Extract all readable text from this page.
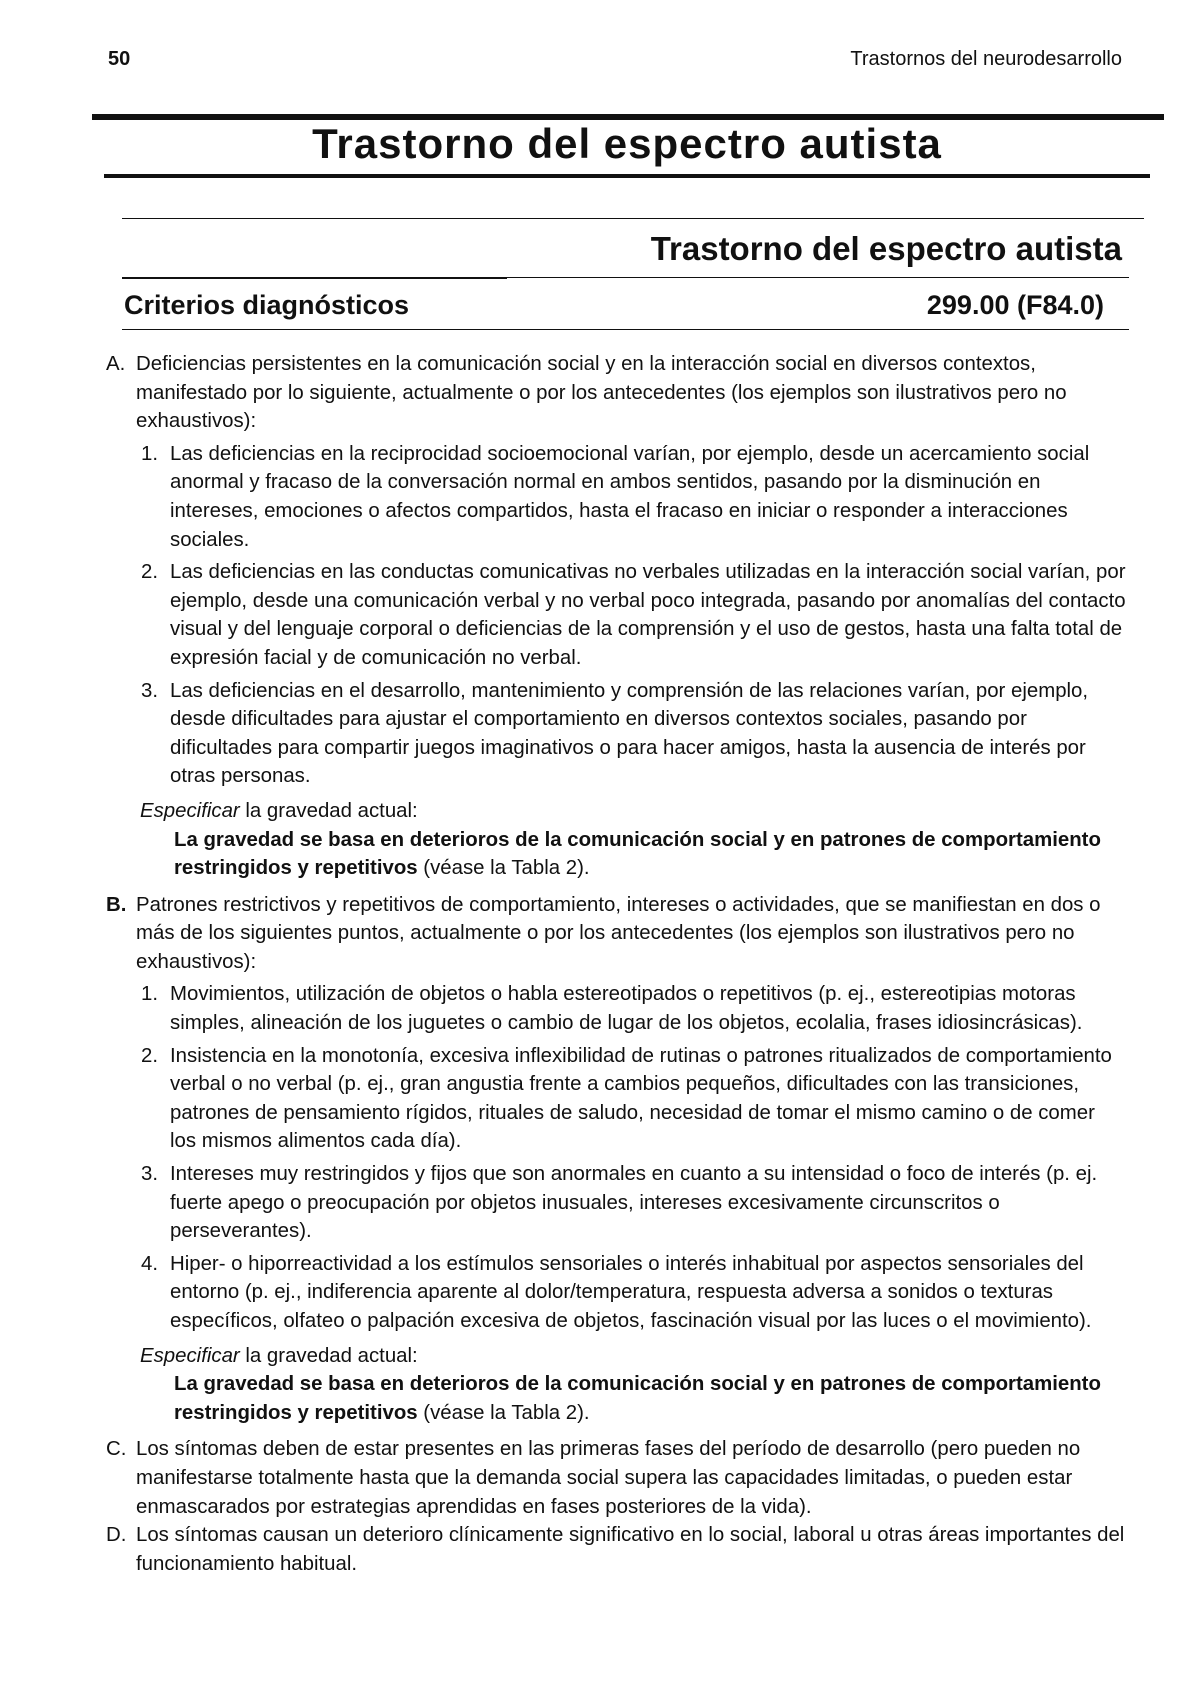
50	Trastornos del neurodesarrollo
Trastorno del espectro autista
Trastorno del espectro autista
Criterios diagnósticos	299.00 (F84.0)
A. Deficiencias persistentes en la comunicación social y en la interacción social en diversos contextos, manifestado por lo siguiente, actualmente o por los antecedentes (los ejemplos son ilustrativos pero no exhaustivos):
1. Las deficiencias en la reciprocidad socioemocional varían, por ejemplo, desde un acercamiento social anormal y fracaso de la conversación normal en ambos sentidos, pasando por la disminución en intereses, emociones o afectos compartidos, hasta el fracaso en iniciar o responder a interacciones sociales.
2. Las deficiencias en las conductas comunicativas no verbales utilizadas en la interacción social varían, por ejemplo, desde una comunicación verbal y no verbal poco integrada, pasando por anomalías del contacto visual y del lenguaje corporal o deficiencias de la comprensión y el uso de gestos, hasta una falta total de expresión facial y de comunicación no verbal.
3. Las deficiencias en el desarrollo, mantenimiento y comprensión de las relaciones varían, por ejemplo, desde dificultades para ajustar el comportamiento en diversos contextos sociales, pasando por dificultades para compartir juegos imaginativos o para hacer amigos, hasta la ausencia de interés por otras personas.
Especificar la gravedad actual:
La gravedad se basa en deterioros de la comunicación social y en patrones de comportamiento restringidos y repetitivos (véase la Tabla 2).
B. Patrones restrictivos y repetitivos de comportamiento, intereses o actividades, que se manifiestan en dos o más de los siguientes puntos, actualmente o por los antecedentes (los ejemplos son ilustrativos pero no exhaustivos):
1. Movimientos, utilización de objetos o habla estereotipados o repetitivos (p. ej., estereotipias motoras simples, alineación de los juguetes o cambio de lugar de los objetos, ecolalia, frases idiosincrásicas).
2. Insistencia en la monotonía, excesiva inflexibilidad de rutinas o patrones ritualizados de comportamiento verbal o no verbal (p. ej., gran angustia frente a cambios pequeños, dificultades con las transiciones, patrones de pensamiento rígidos, rituales de saludo, necesidad de tomar el mismo camino o de comer los mismos alimentos cada día).
3. Intereses muy restringidos y fijos que son anormales en cuanto a su intensidad o foco de interés (p. ej. fuerte apego o preocupación por objetos inusuales, intereses excesivamente circunscritos o perseverantes).
4. Hiper- o hiporreactividad a los estímulos sensoriales o interés inhabitual por aspectos sensoriales del entorno (p. ej., indiferencia aparente al dolor/temperatura, respuesta adversa a sonidos o texturas específicos, olfateo o palpación excesiva de objetos, fascinación visual por las luces o el movimiento).
Especificar la gravedad actual:
La gravedad se basa en deterioros de la comunicación social y en patrones de comportamiento restringidos y repetitivos (véase la Tabla 2).
C. Los síntomas deben de estar presentes en las primeras fases del período de desarrollo (pero pueden no manifestarse totalmente hasta que la demanda social supera las capacidades limitadas, o pueden estar enmascarados por estrategias aprendidas en fases posteriores de la vida).
D. Los síntomas causan un deterioro clínicamente significativo en lo social, laboral u otras áreas importantes del funcionamiento habitual.
